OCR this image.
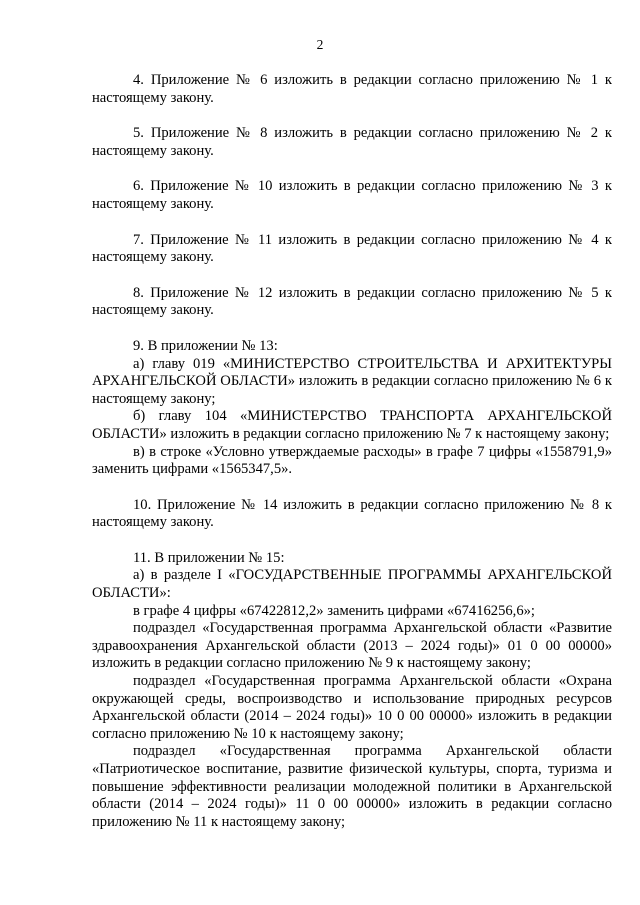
2

4. Приложение № 6 изложить в редакции согласно приложению № 1 к настоящему закону.

5. Приложение № 8 изложить в редакции согласно приложению № 2 к настоящему закону.

6. Приложение № 10 изложить в редакции согласно приложению № 3 к настоящему закону.

7. Приложение № 11 изложить в редакции согласно приложению № 4 к настоящему закону.

8. Приложение № 12 изложить в редакции согласно приложению № 5 к настоящему закону.

9. В приложении № 13:

а) главу 019 «МИНИСТЕРСТВО СТРОИТЕЛЬСТВА И АРХИТЕКТУРЫ АРХАНГЕЛЬСКОЙ ОБЛАСТИ» изложить в редакции согласно приложению № 6 к настоящему закону;

б) главу 104 «МИНИСТЕРСТВО ТРАНСПОРТА АРХАНГЕЛЬСКОЙ ОБЛАСТИ» изложить в редакции согласно приложению № 7 к настоящему закону;

в) в строке «Условно утверждаемые расходы» в графе 7 цифры «1558791,9» заменить цифрами «1565347,5».

10. Приложение № 14 изложить в редакции согласно приложению № 8 к настоящему закону.

11. В приложении № 15:

а) в разделе I «ГОСУДАРСТВЕННЫЕ ПРОГРАММЫ АРХАНГЕЛЬСКОЙ ОБЛАСТИ»:

в графе 4 цифры «67422812,2» заменить цифрами «67416256,6»;

подраздел «Государственная программа Архангельской области «Развитие здравоохранения Архангельской области (2013 – 2024 годы)» 01 0 00 00000» изложить в редакции согласно приложению № 9 к настоящему закону;

подраздел «Государственная программа Архангельской области «Охрана окружающей среды, воспроизводство и использование природных ресурсов Архангельской области (2014 – 2024 годы)» 10 0 00 00000» изложить в редакции согласно приложению № 10 к настоящему закону;

подраздел «Государственная программа Архангельской области «Патриотическое воспитание, развитие физической культуры, спорта, туризма и повышение эффективности реализации молодежной политики в Архангельской области (2014 – 2024 годы)» 11 0 00 00000» изложить в редакции согласно приложению № 11 к настоящему закону;
